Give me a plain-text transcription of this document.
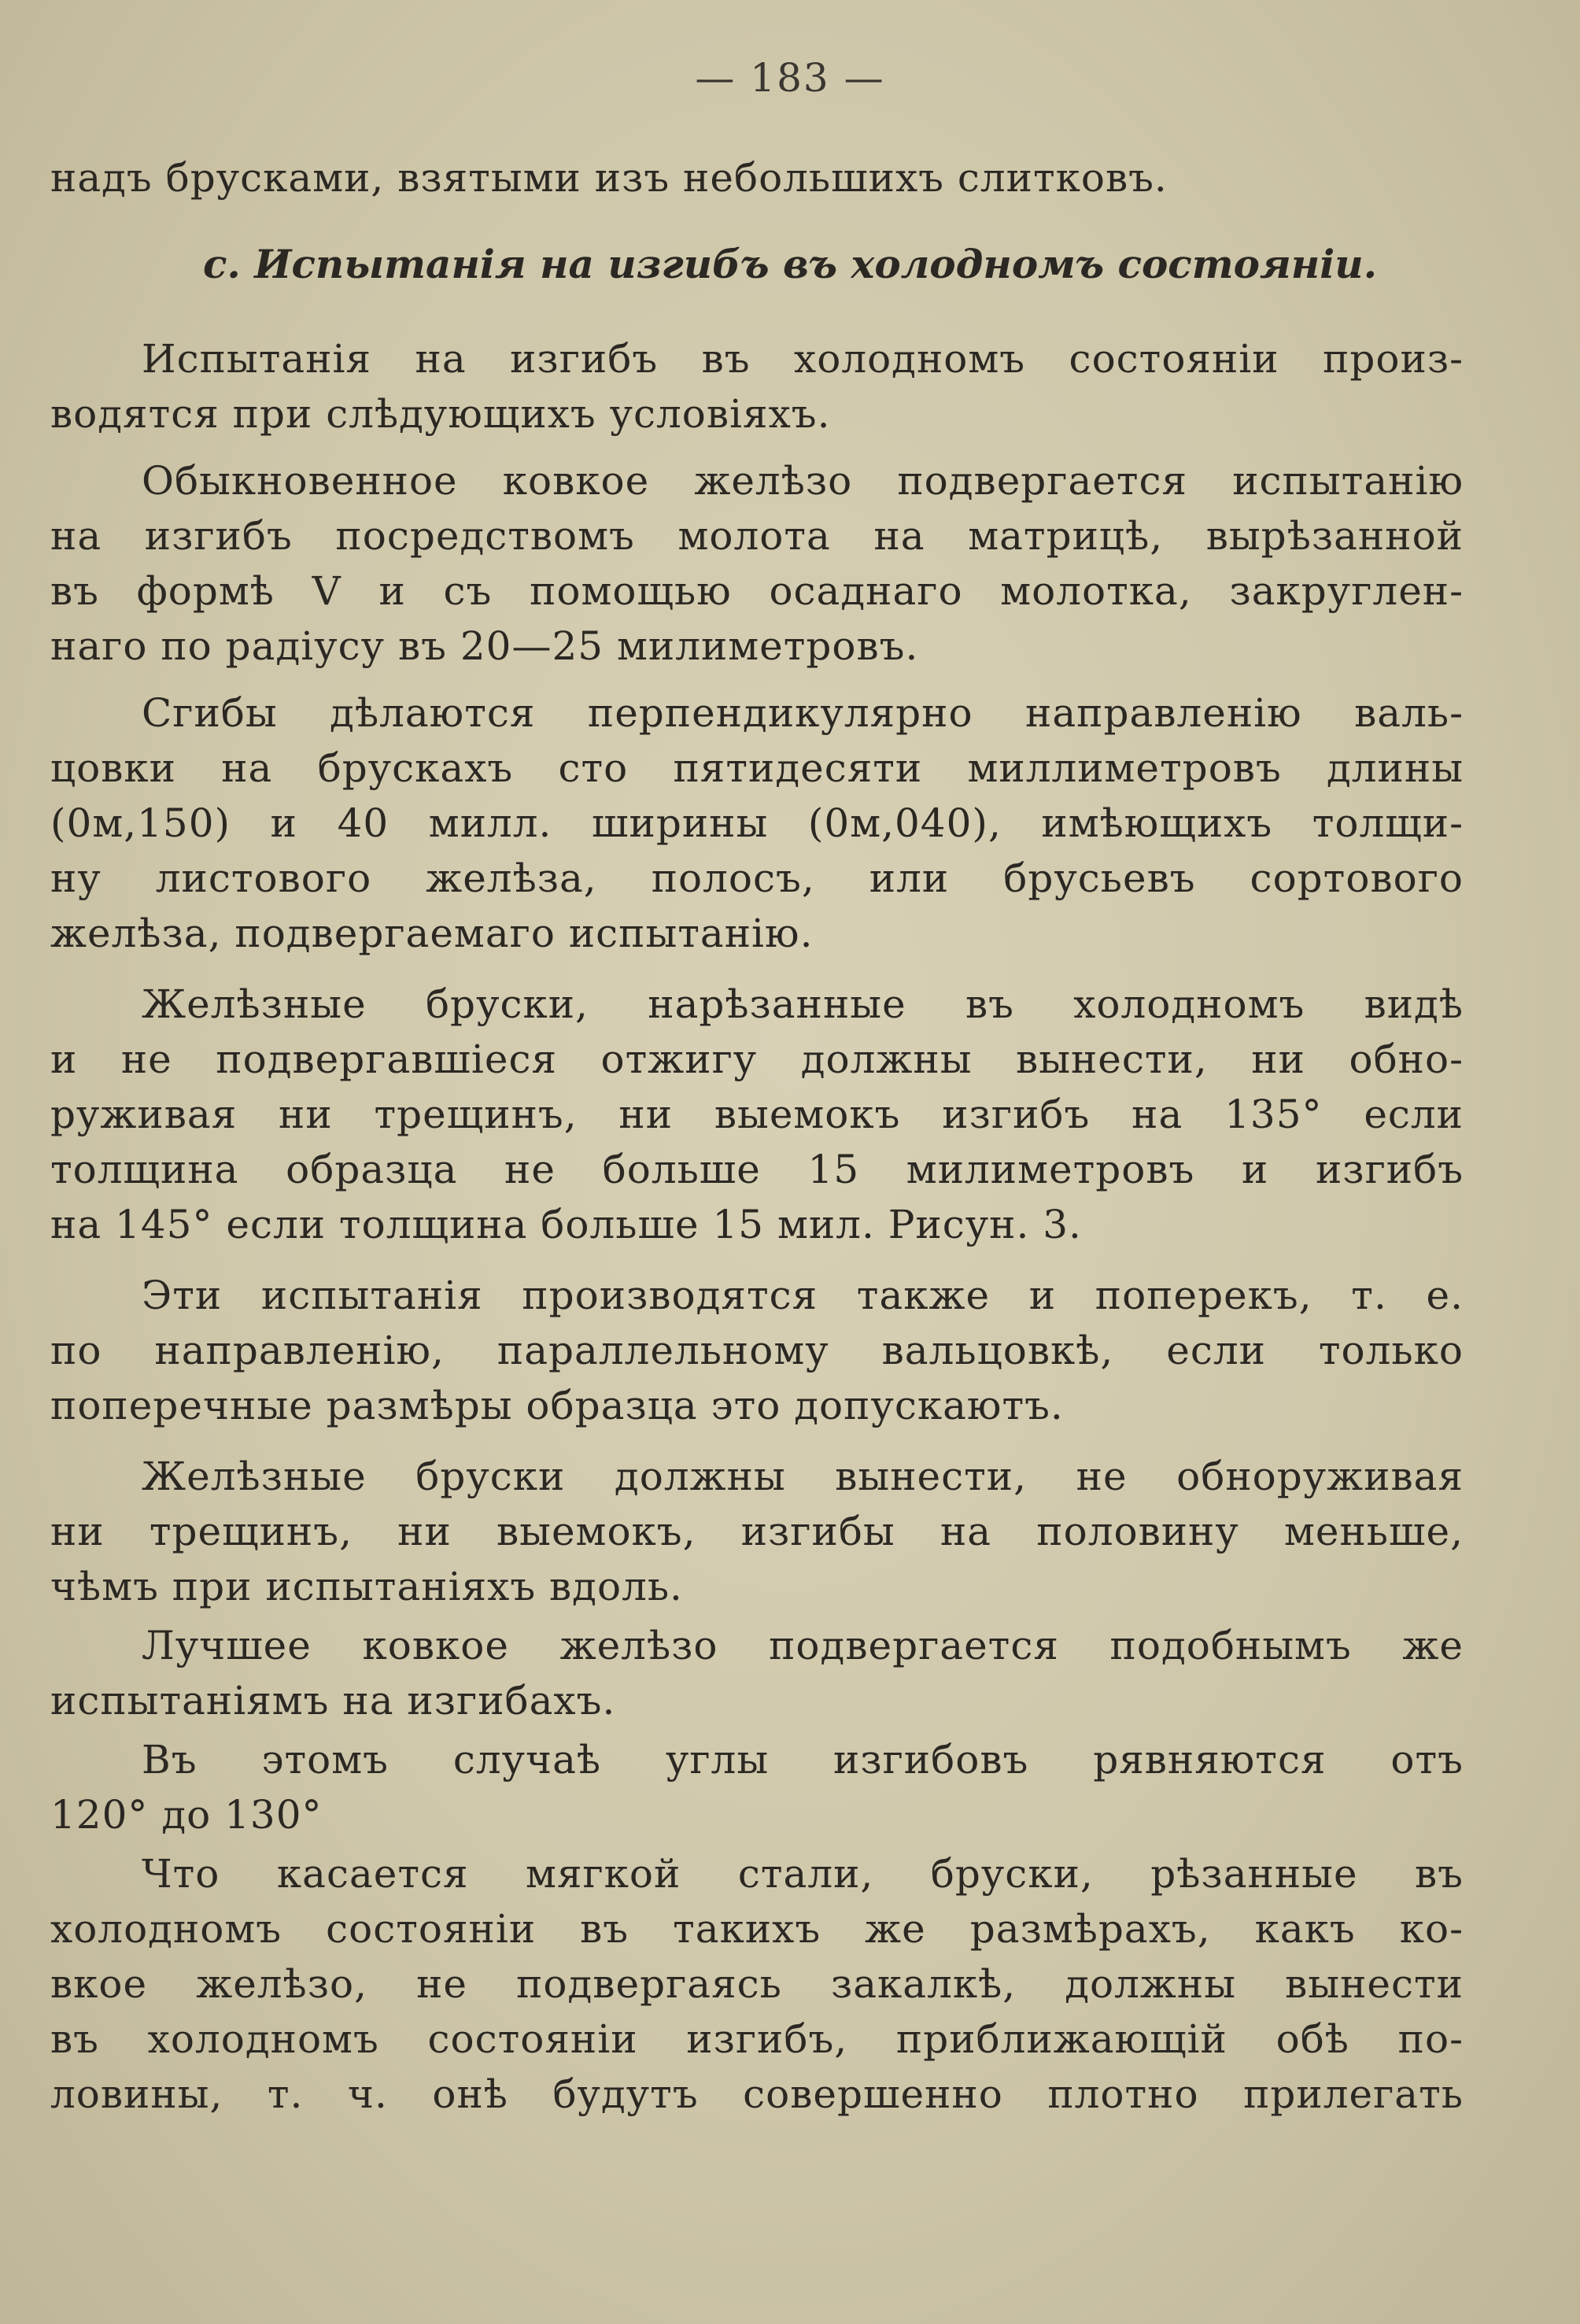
— 183 —
надъ брусками, взятыми изъ небольшихъ слитковъ.
с. Испытанія на изгибъ въ холодномъ состояніи.
Испытанія на изгибъ въ холодномъ состояніи произ-
водятся при слѣдующихъ условіяхъ.
Обыкновенное ковкое желѣзо подвергается испытанію
на изгибъ посредствомъ молота на матрицѣ, вырѣзанной
въ формѣ V и съ помощью осаднаго молотка, закруглен-
наго по радіусу въ 20—25 милиметровъ.
Сгибы дѣлаются перпендикулярно направленію валь-
цовки на брускахъ сто пятидесяти миллиметровъ длины
(0м,150) и 40 милл. ширины (0м,040), имѣющихъ толщи-
ну листового желѣза, полосъ, или брусьевъ сортового
желѣза, подвергаемаго испытанію.
Желѣзные бруски, нарѣзанные въ холодномъ видѣ
и не подвергавшіеся отжигу должны вынести, ни обно-
руживая ни трещинъ, ни выемокъ изгибъ на 135° если
толщина образца не больше 15 милиметровъ и изгибъ
на 145° если толщина больше 15 мил. Рисун. 3.
Эти испытанія производятся также и поперекъ, т. е.
по направленію, параллельному вальцовкѣ, если только
поперечные размѣры образца это допускаютъ.
Желѣзные бруски должны вынести, не обноруживая
ни трещинъ, ни выемокъ, изгибы на половину меньше,
чѣмъ при испытаніяхъ вдоль.
Лучшее ковкое желѣзо подвергается подобнымъ же
испытаніямъ на изгибахъ.
Въ этомъ случаѣ углы изгибовъ рявняются отъ
120° до 130°
Что касается мягкой стали, бруски, рѣзанные въ
холодномъ состояніи въ такихъ же размѣрахъ, какъ ко-
вкое желѣзо, не подвергаясь закалкѣ, должны вынести
въ холодномъ состояніи изгибъ, приближающій обѣ по-
ловины, т. ч. онѣ будутъ совершенно плотно прилегать
